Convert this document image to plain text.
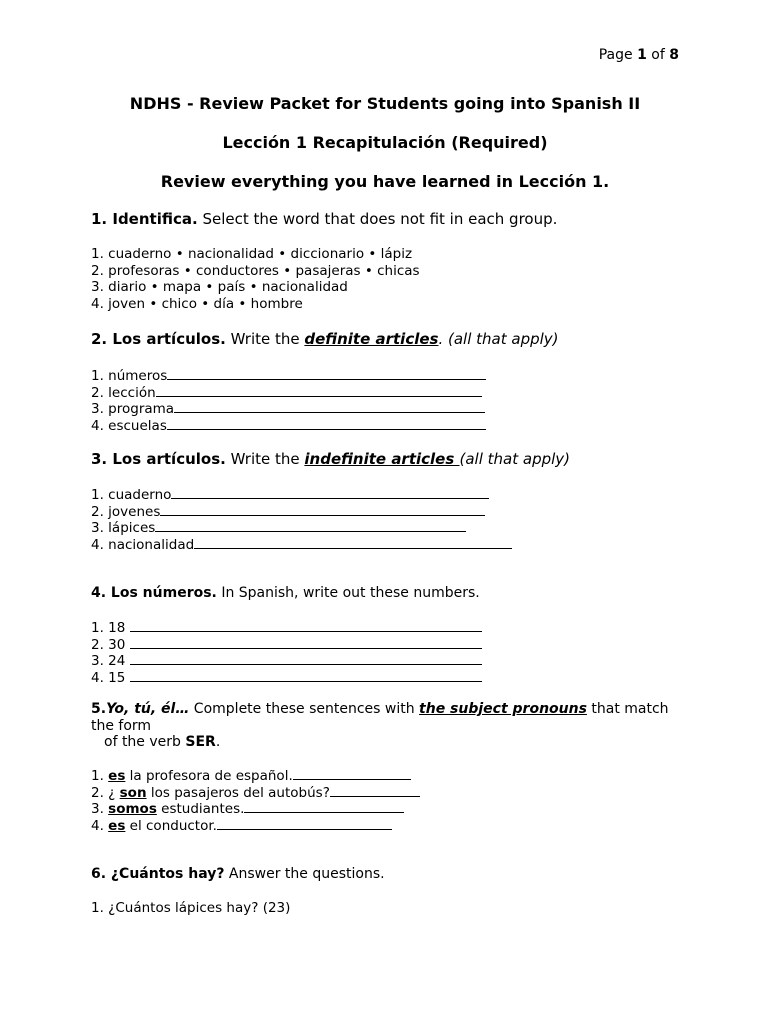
Page 1 of 8
NDHS - Review Packet for Students going into Spanish II
Lección 1 Recapitulación (Required)
Review everything you have learned in Lección 1.
1. Identifica. Select the word that does not fit in each group.
1. cuaderno • nacionalidad • diccionario • lápiz
2. profesoras • conductores • pasajeras • chicas
3. diario • mapa • país • nacionalidad
4. joven • chico • día • hombre
2. Los artículos. Write the definite articles. (all that apply)
1. números
2. lección
3. programa
4. escuelas
3. Los artículos. Write the indefinite articles (all that apply)
1. cuaderno
2. jovenes
3. lápices
4. nacionalidad
4. Los números. In Spanish, write out these numbers.
1. 18
2. 30
3. 24
4. 15
5.Yo, tú, él… Complete these sentences with the subject pronouns that match the form
of the verb SER.
1. es la profesora de español.
2. ¿ son los pasajeros del autobús?
3. somos estudiantes.
4. es el conductor.
6. ¿Cuántos hay? Answer the questions.
1. ¿Cuántos lápices hay? (23)
